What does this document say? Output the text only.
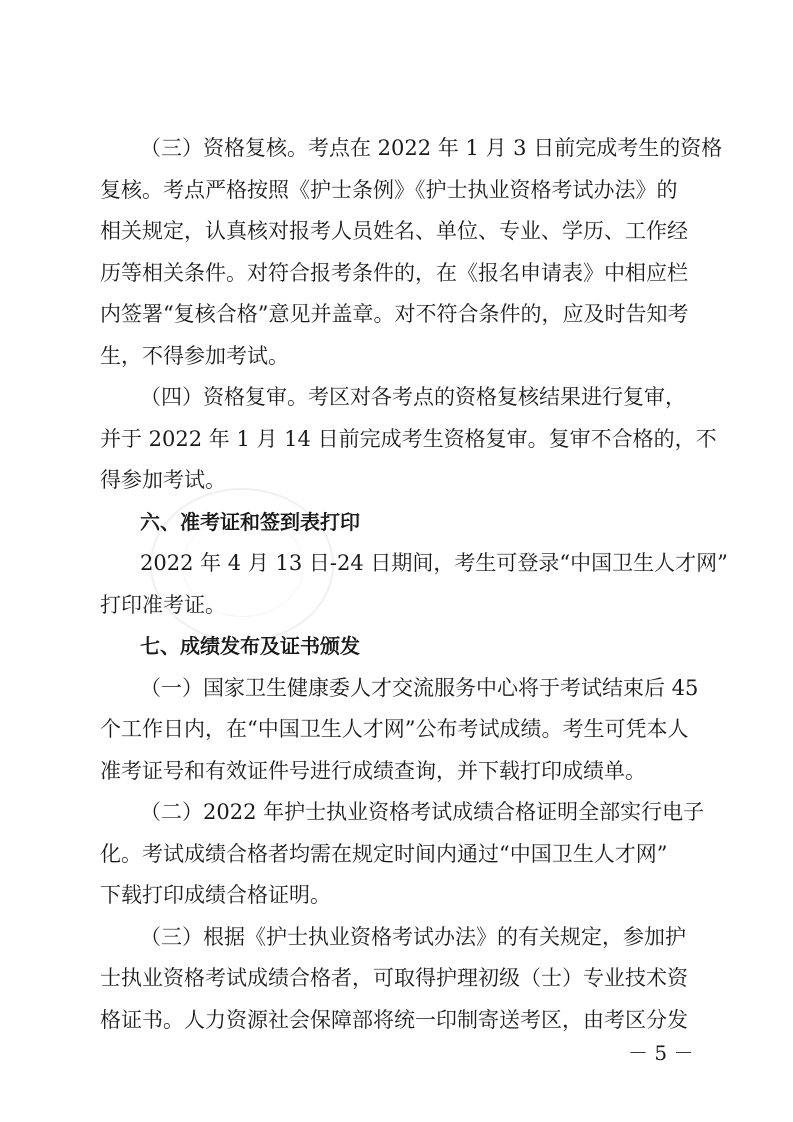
（三）资格复核。考点在 2022 年 1 月 3 日前完成考生的资格
复核。考点严格按照《护士条例》《护士执业资格考试办法》的
相关规定，认真核对报考人员姓名、单位、专业、学历、工作经
历等相关条件。对符合报考条件的，在《报名申请表》中相应栏
内签署“复核合格”意见并盖章。对不符合条件的，应及时告知考
生，不得参加考试。
（四）资格复审。考区对各考点的资格复核结果进行复审，
并于 2022 年 1 月 14 日前完成考生资格复审。复审不合格的，不
得参加考试。
六、准考证和签到表打印
2022 年 4 月 13 日-24 日期间，考生可登录“中国卫生人才网”
打印准考证。
七、成绩发布及证书颁发
（一）国家卫生健康委人才交流服务中心将于考试结束后 45
个工作日内，在“中国卫生人才网”公布考试成绩。考生可凭本人
准考证号和有效证件号进行成绩查询，并下载打印成绩单。
（二）2022 年护士执业资格考试成绩合格证明全部实行电子
化。考试成绩合格者均需在规定时间内通过“中国卫生人才网”
下载打印成绩合格证明。
（三）根据《护士执业资格考试办法》的有关规定，参加护
士执业资格考试成绩合格者，可取得护理初级（士）专业技术资
格证书。人力资源社会保障部将统一印制寄送考区，由考区分发
－ 5 －
